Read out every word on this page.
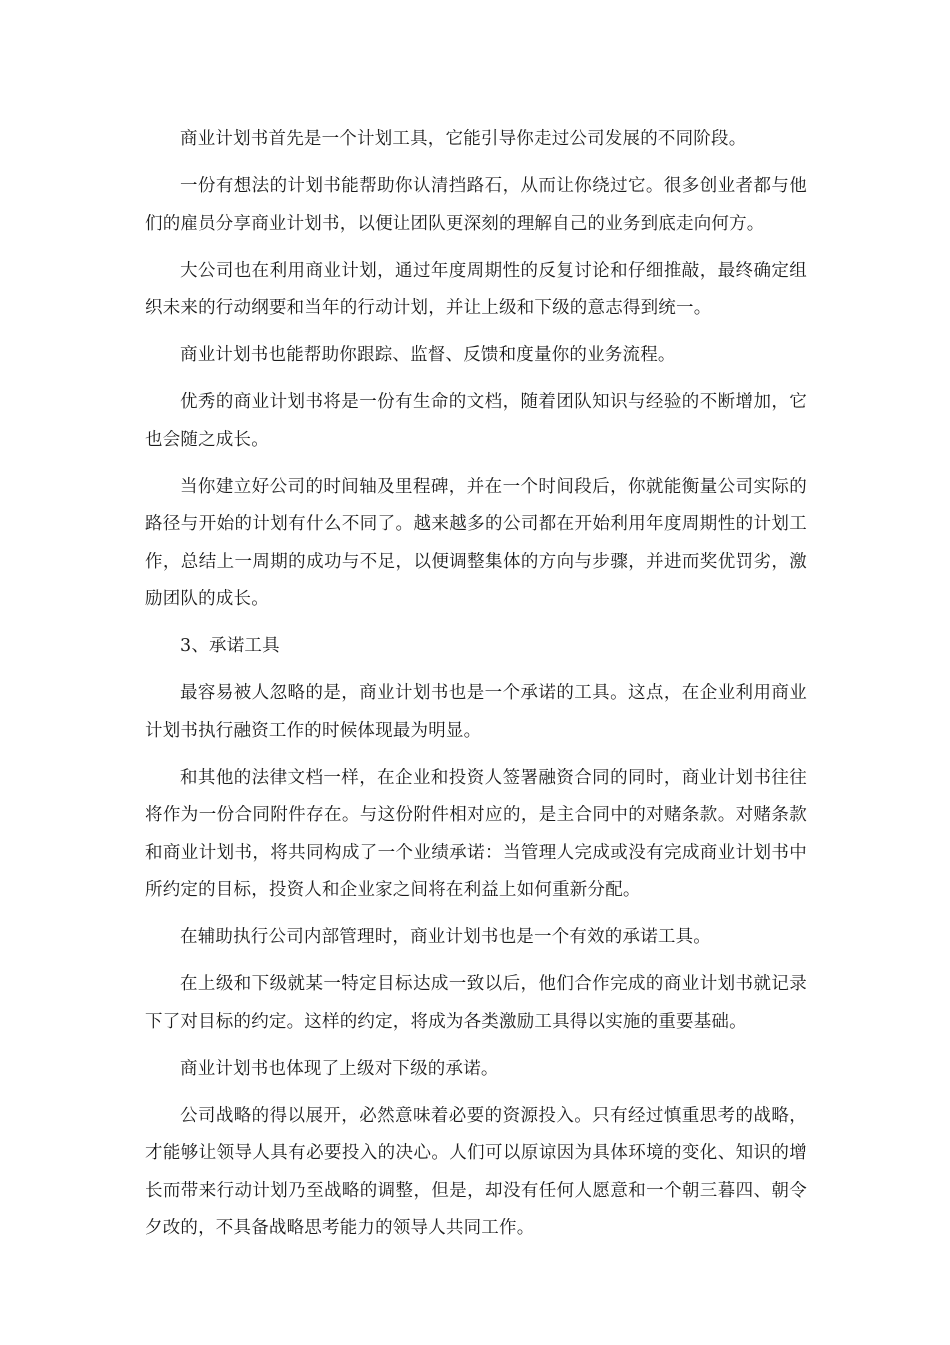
商业计划书首先是一个计划工具，它能引导你走过公司发展的不同阶段。

一份有想法的计划书能帮助你认清挡路石，从而让你绕过它。很多创业者都与他们的雇员分享商业计划书，以便让团队更深刻的理解自己的业务到底走向何方。

大公司也在利用商业计划，通过年度周期性的反复讨论和仔细推敲，最终确定组织未来的行动纲要和当年的行动计划，并让上级和下级的意志得到统一。

商业计划书也能帮助你跟踪、监督、反馈和度量你的业务流程。

优秀的商业计划书将是一份有生命的文档，随着团队知识与经验的不断增加，它也会随之成长。

当你建立好公司的时间轴及里程碑，并在一个时间段后，你就能衡量公司实际的路径与开始的计划有什么不同了。越来越多的公司都在开始利用年度周期性的计划工作，总结上一周期的成功与不足，以便调整集体的方向与步骤，并进而奖优罚劣，激励团队的成长。

3、承诺工具

最容易被人忽略的是，商业计划书也是一个承诺的工具。这点，在企业利用商业计划书执行融资工作的时候体现最为明显。

和其他的法律文档一样，在企业和投资人签署融资合同的同时，商业计划书往往将作为一份合同附件存在。与这份附件相对应的，是主合同中的对赌条款。对赌条款和商业计划书，将共同构成了一个业绩承诺：当管理人完成或没有完成商业计划书中所约定的目标，投资人和企业家之间将在利益上如何重新分配。

在辅助执行公司内部管理时，商业计划书也是一个有效的承诺工具。

在上级和下级就某一特定目标达成一致以后，他们合作完成的商业计划书就记录下了对目标的约定。这样的约定，将成为各类激励工具得以实施的重要基础。

商业计划书也体现了上级对下级的承诺。

公司战略的得以展开，必然意味着必要的资源投入。只有经过慎重思考的战略，才能够让领导人具有必要投入的决心。人们可以原谅因为具体环境的变化、知识的增长而带来行动计划乃至战略的调整，但是，却没有任何人愿意和一个朝三暮四、朝令夕改的，不具备战略思考能力的领导人共同工作。
